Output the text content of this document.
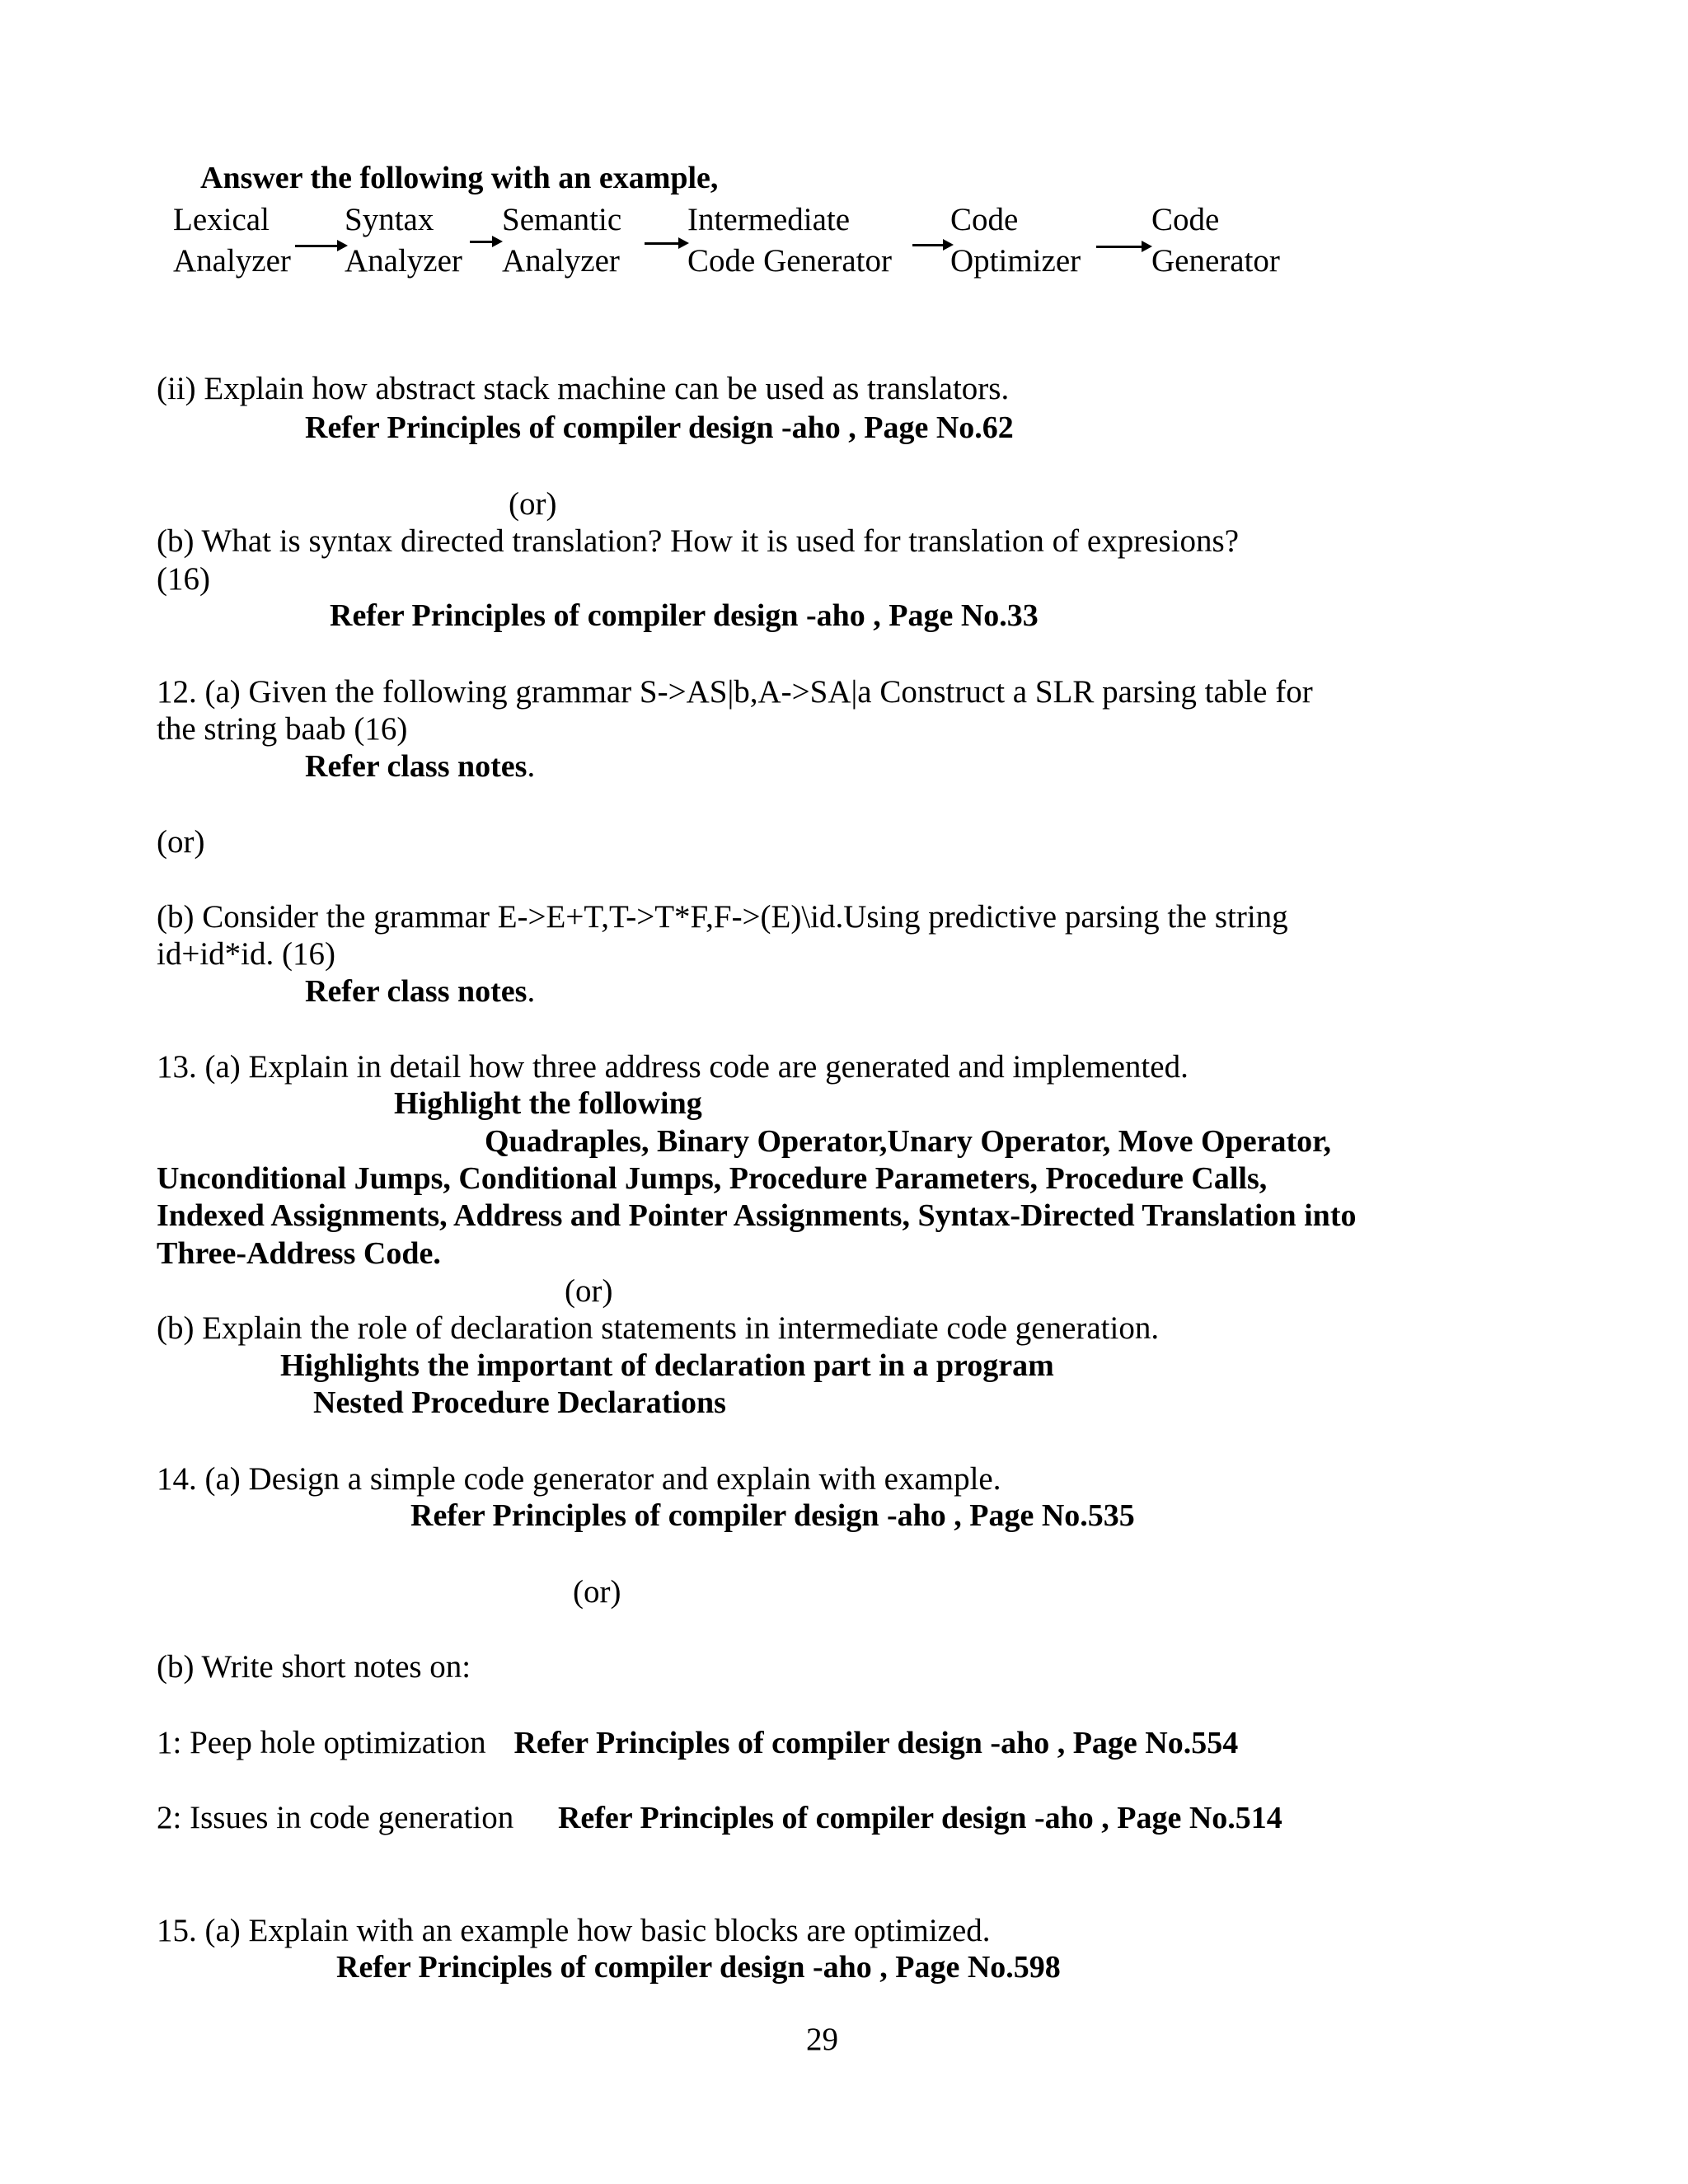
Answer the following with an example,
Lexical
Analyzer
Syntax
Analyzer
Semantic
Analyzer
Intermediate
Code Generator
Code
Optimizer
Code
Generator
(ii) Explain how abstract stack machine can be used as translators.
Refer Principles of compiler design -aho , Page No.62
(or)
(b) What is syntax directed translation? How it is used for translation of expresions?
(16)
Refer Principles of compiler design -aho , Page No.33
12. (a) Given the following grammar S->AS|b,A->SA|a Construct a SLR parsing table for
the string baab (16)
Refer class notes.
(or)
(b) Consider the grammar E->E+T,T->T*F,F->(E)\id.Using predictive parsing the string
id+id*id. (16)
Refer class notes.
13. (a) Explain in detail how three address code are generated and implemented.
Highlight the following
Quadraples, Binary Operator,Unary Operator, Move Operator,
Unconditional Jumps, Conditional Jumps, Procedure Parameters, Procedure Calls,
Indexed Assignments, Address and Pointer Assignments, Syntax-Directed Translation into
Three-Address Code.
(or)
(b) Explain the role of declaration statements in intermediate code generation.
Highlights the important of declaration part in a program
Nested Procedure Declarations
14. (a) Design a simple code generator and explain with example.
Refer Principles of compiler design -aho , Page No.535
(or)
(b) Write short notes on:
1: Peep hole optimization Refer Principles of compiler design -aho , Page No.554
2: Issues in code generation Refer Principles of compiler design -aho , Page No.514
15. (a) Explain with an example how basic blocks are optimized.
Refer Principles of compiler design -aho , Page No.598
29
